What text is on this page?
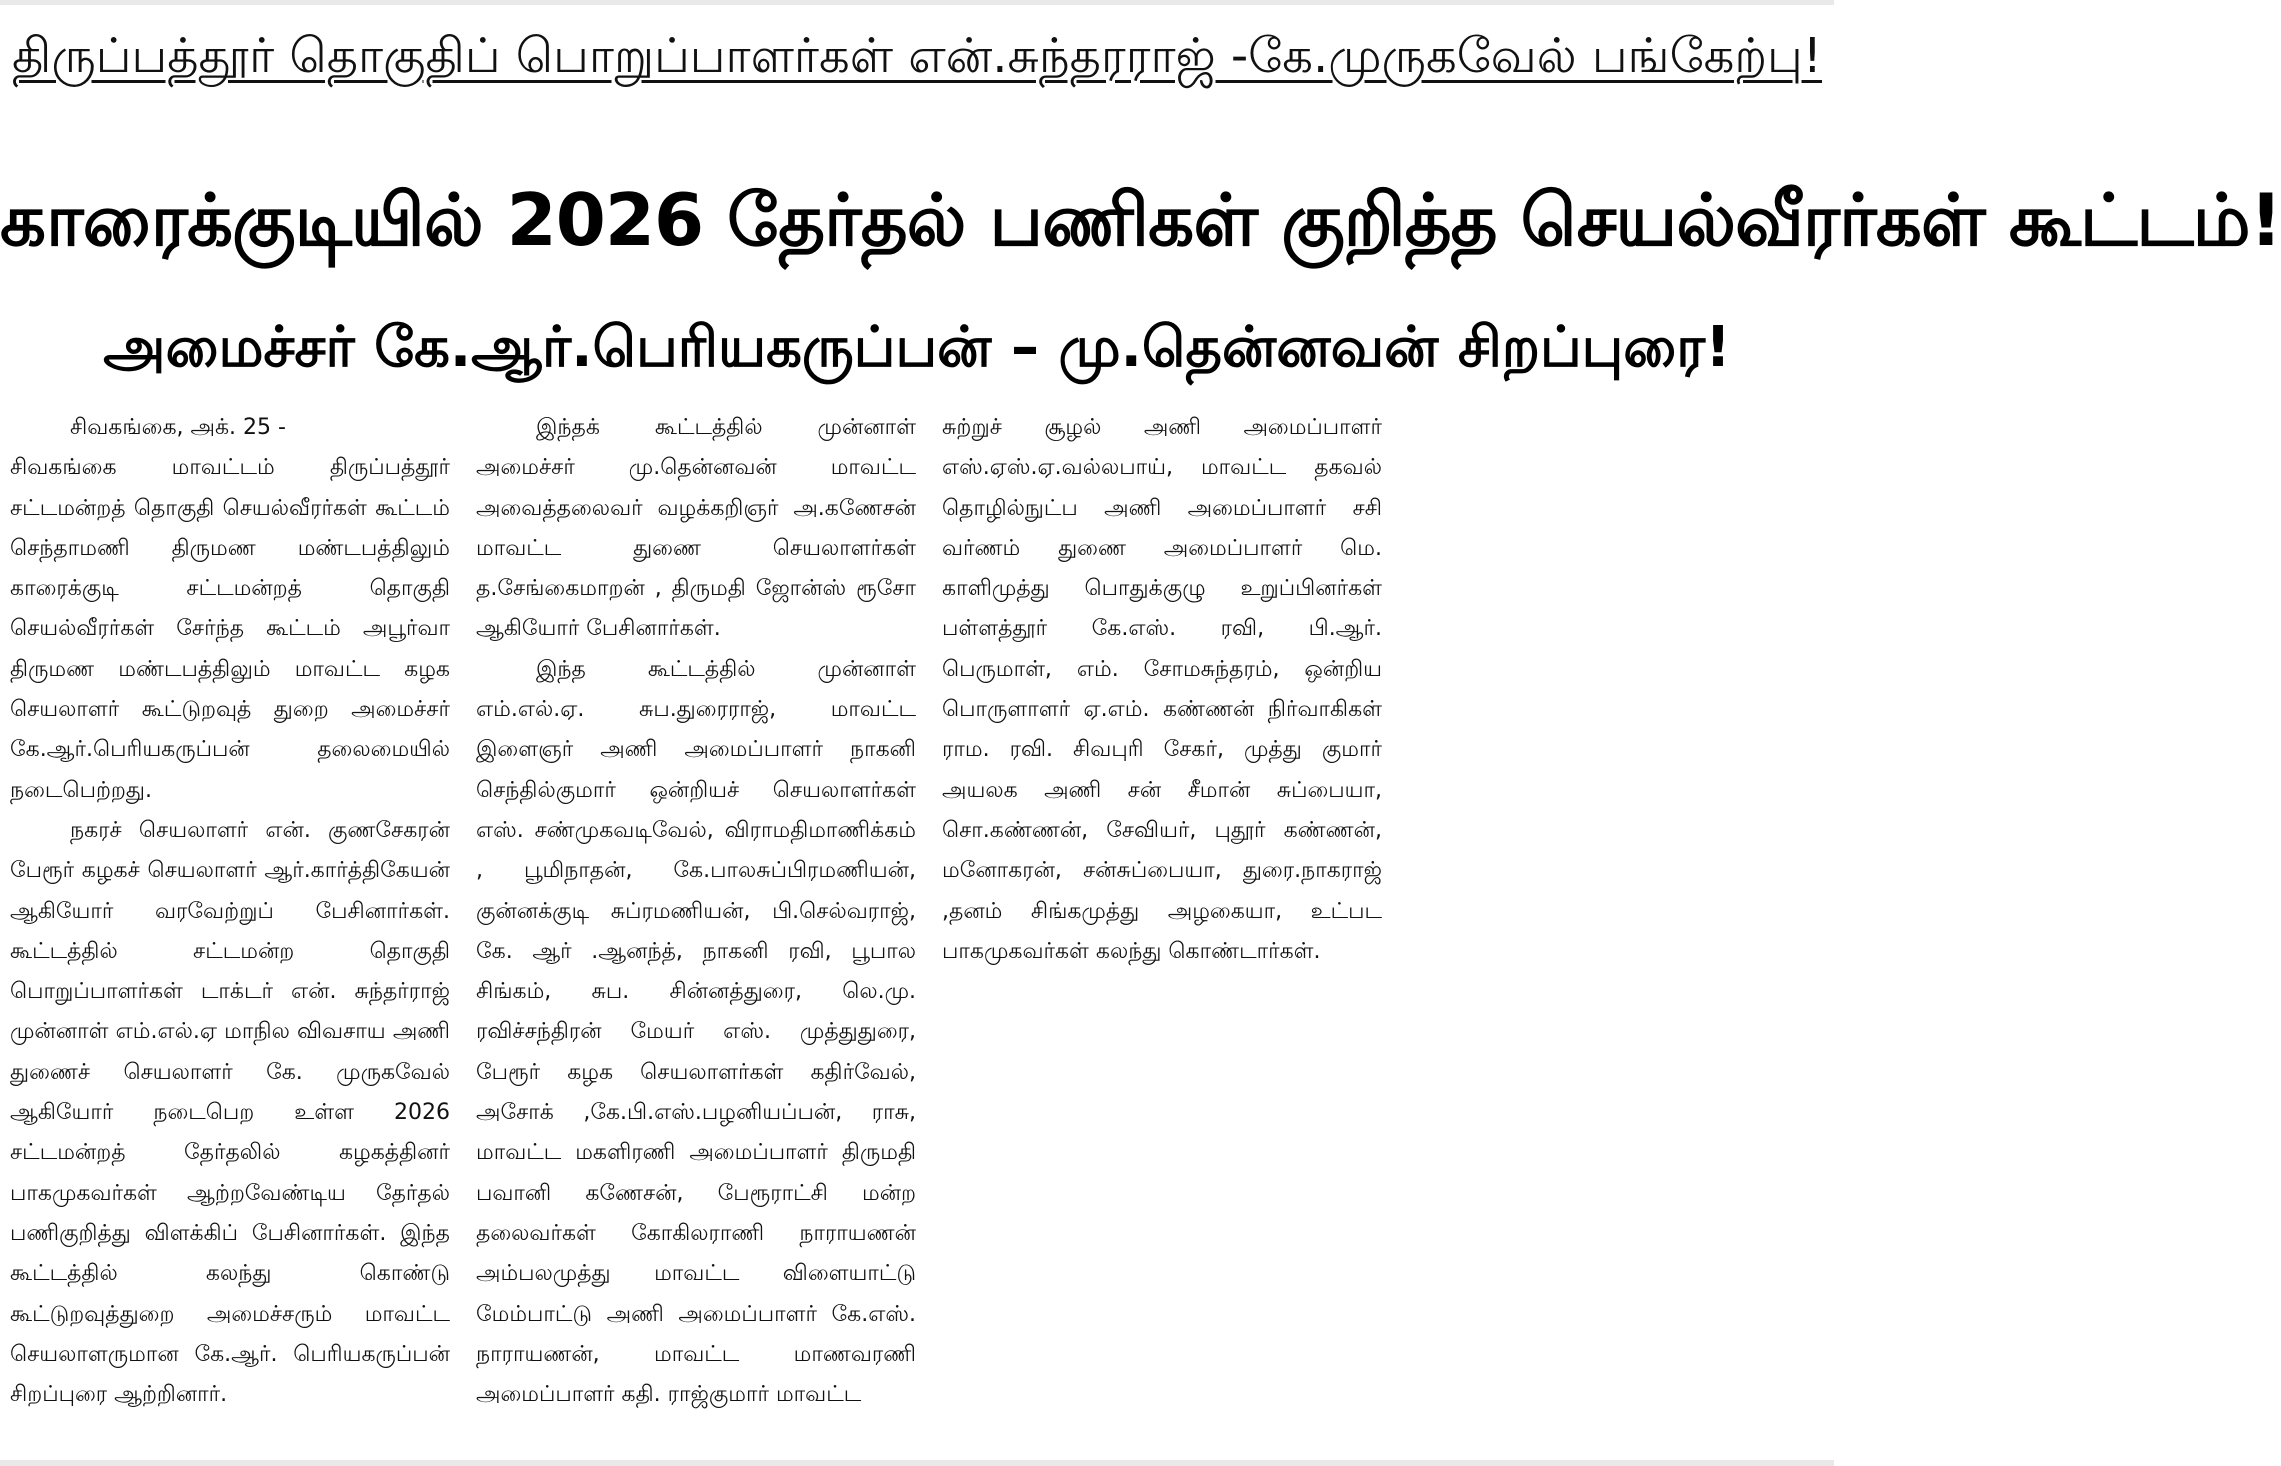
திருப்பத்தூர் தொகுதிப் பொறுப்பாளர்கள் என்.சுந்தரராஜ் -கே.முருகவேல் பங்கேற்பு!
காரைக்குடியில் 2026 தேர்தல் பணிகள் குறித்த செயல்வீரர்கள் கூட்டம்!
அமைச்சர் கே.ஆர்.பெரியகருப்பன் – மு.தென்னவன் சிறப்புரை!

சிவகங்கை, அக். 25 -

சிவகங்கை மாவட்டம் திருப்பத்தூர் சட்டமன்றத் தொகுதி செயல்வீரர்கள் கூட்டம் செந்தாமணி திருமண மண்டபத்திலும் காரைக்குடி சட்டமன்றத் தொகுதி செயல்வீரர்கள் சேர்ந்த கூட்டம் அபூர்வா திருமண மண்டபத்திலும் மாவட்ட கழக செயலாளர் கூட்டுறவுத் துறை அமைச்சர் கே.ஆர்.பெரியகருப்பன் தலைமையில் நடைபெற்றது.

நகரச் செயலாளர் என். குணசேகரன் பேரூர் கழகச் செயலாளர் ஆர்.கார்த்திகேயன் ஆகியோர் வரவேற்றுப் பேசினார்கள். கூட்டத்தில் சட்டமன்ற தொகுதி பொறுப்பாளர்கள் டாக்டர் என். சுந்தர்ராஜ் முன்னாள் எம்.எல்.ஏ மாநில விவசாய அணி துணைச் செயலாளர் கே. முருகவேல் ஆகியோர் நடைபெற உள்ள 2026 சட்டமன்றத் தேர்தலில் கழகத்தினர் பாகமுகவர்கள் ஆற்றவேண்டிய தேர்தல் பணிகுறித்து விளக்கிப் பேசினார்கள். இந்த கூட்டத்தில் கலந்து கொண்டு கூட்டுறவுத்துறை அமைச்சரும் மாவட்ட செயலாளருமான கே.ஆர். பெரியகருப்பன் சிறப்புரை ஆற்றினார்.

இந்தக் கூட்டத்தில் முன்னாள் அமைச்சர் மு.தென்னவன் மாவட்ட அவைத்தலைவர் வழக்கறிஞர் அ.கணேசன் மாவட்ட துணை செயலாளர்கள் த.சேங்கைமாறன் , திருமதி ஜோன்ஸ் ரூசோ ஆகியோர் பேசினார்கள்.

இந்த கூட்டத்தில் முன்னாள் எம்.எல்.ஏ. சுப.துரைராஜ், மாவட்ட இளைஞர் அணி அமைப்பாளர் நாகனி செந்தில்குமார் ஒன்றியச் செயலாளர்கள் எஸ். சண்முகவடிவேல், விராமதிமாணிக்கம் , பூமிநாதன், கே.பாலசுப்பிரமணியன், குன்னக்குடி சுப்ரமணியன், பி.செல்வராஜ், கே. ஆர் .ஆனந்த், நாகனி ரவி, பூபால சிங்கம், சுப. சின்னத்துரை, லெ.மு. ரவிச்சந்திரன் மேயர் எஸ். முத்துதுரை, பேரூர் கழக செயலாளர்கள் கதிர்வேல், அசோக் ,கே.பி.எஸ்.பழனியப்பன், ராசு, மாவட்ட மகளிரணி அமைப்பாளர் திருமதி பவானி கணேசன், பேரூராட்சி மன்ற தலைவர்கள் கோகிலராணி நாராயணன் அம்பலமுத்து மாவட்ட விளையாட்டு மேம்பாட்டு அணி அமைப்பாளர் கே.எஸ். நாராயணன், மாவட்ட மாணவரணி அமைப்பாளர் கதி. ராஜ்குமார் மாவட்ட

சுற்றுச் சூழல் அணி அமைப்பாளர் எஸ்.ஏஸ்.ஏ.வல்லபாய், மாவட்ட தகவல் தொழில்நுட்ப அணி அமைப்பாளர் சசி வர்ணம் துணை அமைப்பாளர் மெ. காளிமுத்து பொதுக்குழு உறுப்பினர்கள் பள்ளத்தூர் கே.எஸ். ரவி, பி.ஆர். பெருமாள், எம். சோமசுந்தரம், ஒன்றிய பொருளாளர் ஏ.எம். கண்ணன் நிர்வாகிகள் ராம. ரவி. சிவபுரி சேகர், முத்து குமார் அயலக அணி சன் சீமான் சுப்பையா, சொ.கண்ணன், சேவியர், புதூர் கண்ணன், மனோகரன், சன்சுப்பையா, துரை.நாகராஜ் ,தனம் சிங்கமுத்து அழகையா, உட்பட பாகமுகவர்கள் கலந்து கொண்டார்கள்.
